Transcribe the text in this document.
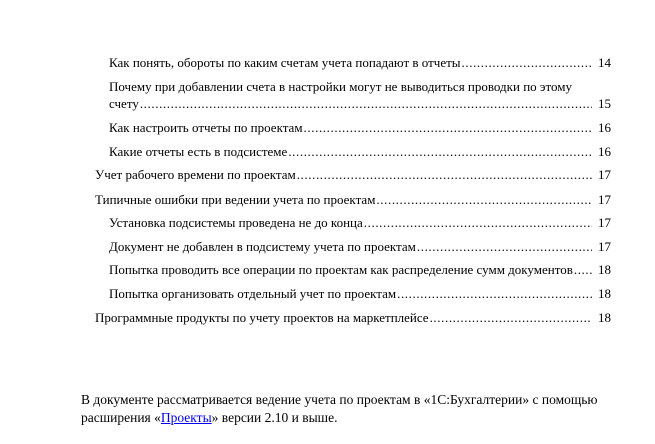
Как понять, обороты по каким счетам учета попадают в отчеты .....	14
Почему при добавлении счета в настройки могут не выводиться проводки по этому
счету .....	15
Как настроить отчеты по проектам .....	16
Какие отчеты есть в подсистеме .....	16
Учет рабочего времени по проектам .....	17
Типичные ошибки при ведении учета по проектам .....	17
Установка подсистемы проведена не до конца .....	17
Документ не добавлен в подсистему учета по проектам .....	17
Попытка проводить все операции по проектам как распределение сумм документов .....	18
Попытка организовать отдельный учет по проектам .....	18
Программные продукты по учету проектов на маркетплейсе .....	18

В документе рассматривается ведение учета по проектам в «1С:Бухгалтерии» с помощью
расширения «Проекты» версии 2.10 и выше.
